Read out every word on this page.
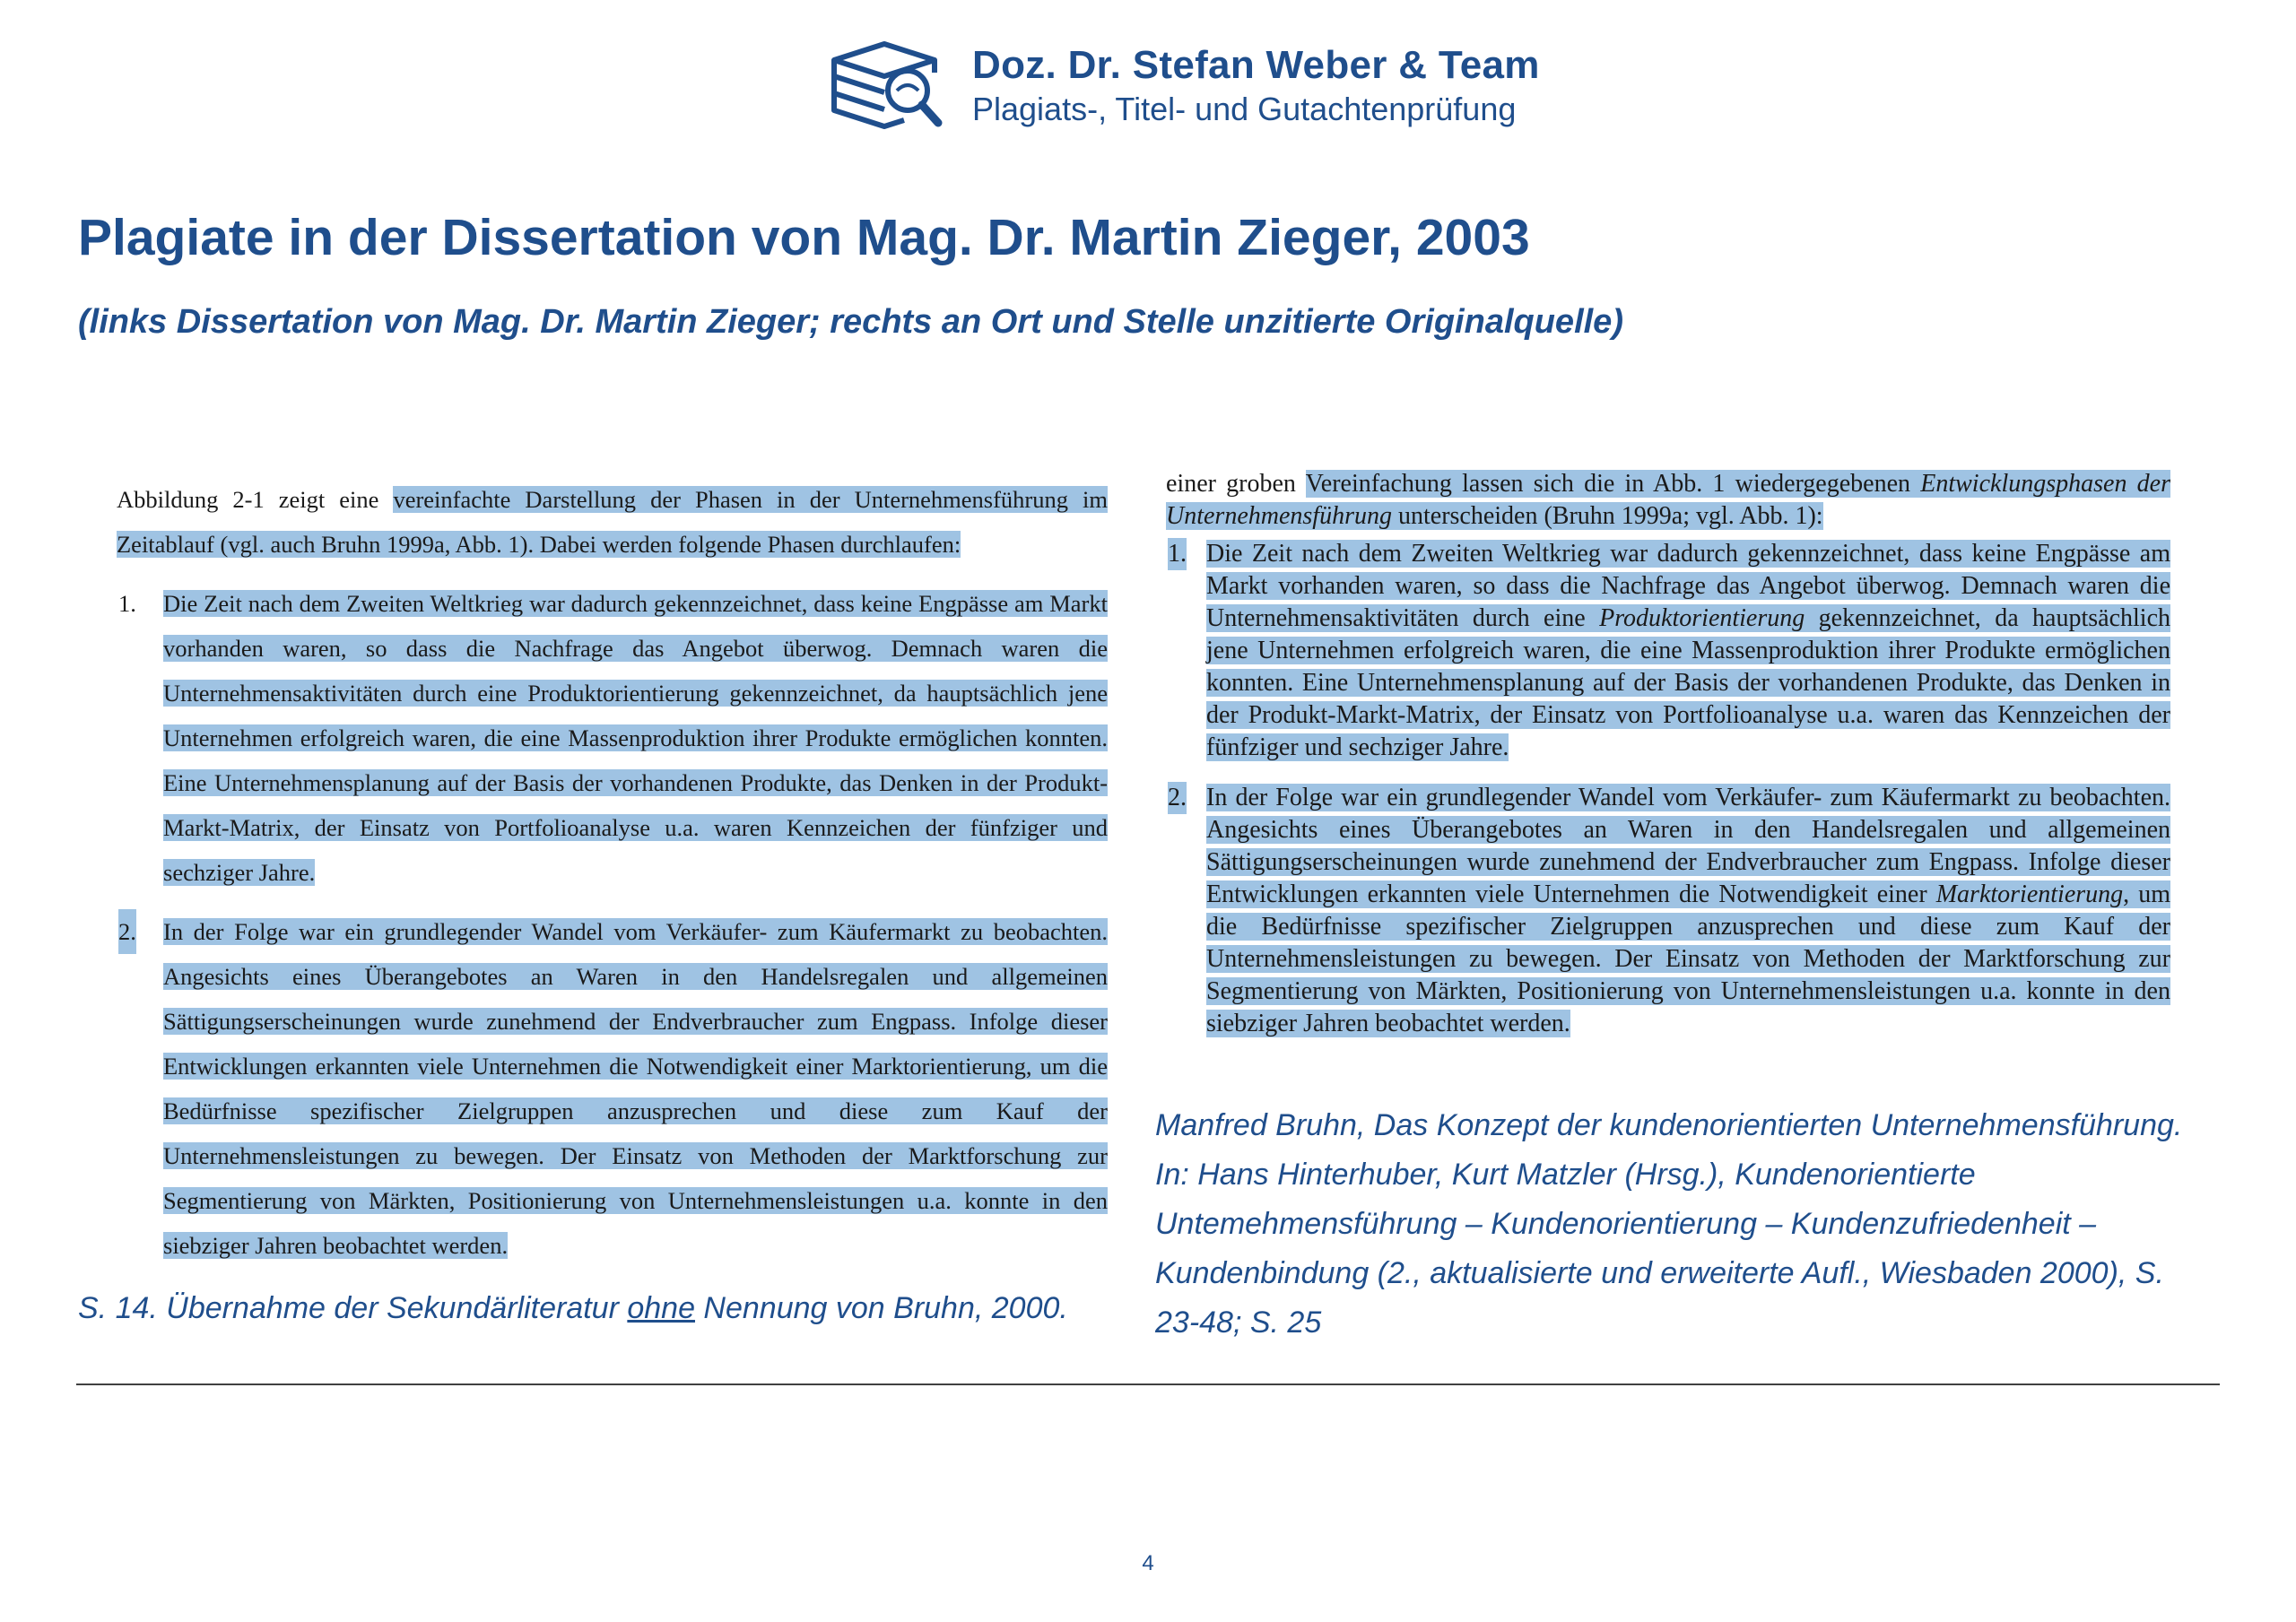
Doz. Dr. Stefan Weber & Team
Plagiats-, Titel- und Gutachtenprüfung
Plagiate in der Dissertation von Mag. Dr. Martin Zieger, 2003
(links Dissertation von Mag. Dr. Martin Zieger; rechts an Ort und Stelle unzitierte Originalquelle)

Abbildung 2-1 zeigt eine vereinfachte Darstellung der Phasen in der Unternehmensführung im Zeitablauf (vgl. auch Bruhn 1999a, Abb. 1). Dabei werden folgende Phasen durchlaufen:

1. Die Zeit nach dem Zweiten Weltkrieg war dadurch gekennzeichnet, dass keine Engpässe am Markt vorhanden waren, so dass die Nachfrage das Angebot überwog. Demnach waren die Unternehmensaktivitäten durch eine Produktorientierung gekennzeichnet, da hauptsächlich jene Unternehmen erfolgreich waren, die eine Massenproduktion ihrer Produkte ermöglichen konnten. Eine Unternehmensplanung auf der Basis der vorhandenen Produkte, das Denken in der Produkt-Markt-Matrix, der Einsatz von Portfolioanalyse u.a. waren Kennzeichen der fünfziger und sechziger Jahre.
2. In der Folge war ein grundlegender Wandel vom Verkäufer- zum Käufermarkt zu beobachten. Angesichts eines Überangebotes an Waren in den Handelsregalen und allgemeinen Sättigungserscheinungen wurde zunehmend der Endverbraucher zum Engpass. Infolge dieser Entwicklungen erkannten viele Unternehmen die Notwendigkeit einer Marktorientierung, um die Bedürfnisse spezifischer Zielgruppen anzusprechen und diese zum Kauf der Unternehmensleistungen zu bewegen. Der Einsatz von Methoden der Marktforschung zur Segmentierung von Märkten, Positionierung von Unternehmensleistungen u.a. konnte in den siebziger Jahren beobachtet werden.

einer groben Vereinfachung lassen sich die in Abb. 1 wiedergegebenen Entwicklungsphasen der Unternehmensführung unterscheiden (Bruhn 1999a; vgl. Abb. 1):

1. Die Zeit nach dem Zweiten Weltkrieg war dadurch gekennzeichnet, dass keine Engpässe am Markt vorhanden waren, so dass die Nachfrage das Angebot überwog. Demnach waren die Unternehmensaktivitäten durch eine Produktorientierung gekennzeichnet, da hauptsächlich jene Unternehmen erfolgreich waren, die eine Massenproduktion ihrer Produkte ermöglichen konnten. Eine Unternehmensplanung auf der Basis der vorhandenen Produkte, das Denken in der Produkt-Markt-Matrix, der Einsatz von Portfolioanalyse u.a. waren das Kennzeichen der fünfziger und sechziger Jahre.
2. In der Folge war ein grundlegender Wandel vom Verkäufer- zum Käufermarkt zu beobachten. Angesichts eines Überangebotes an Waren in den Handelsregalen und allgemeinen Sättigungserscheinungen wurde zunehmend der Endverbraucher zum Engpass. Infolge dieser Entwicklungen erkannten viele Unternehmen die Notwendigkeit einer Marktorientierung, um die Bedürfnisse spezifischer Zielgruppen anzusprechen und diese zum Kauf der Unternehmensleistungen zu bewegen. Der Einsatz von Methoden der Marktforschung zur Segmentierung von Märkten, Positionierung von Unternehmensleistungen u.a. konnte in den siebziger Jahren beobachtet werden.

S. 14. Übernahme der Sekundärliteratur ohne Nennung von Bruhn, 2000.

Manfred Bruhn, Das Konzept der kundenorientierten Unternehmensführung. In: Hans Hinterhuber, Kurt Matzler (Hrsg.), Kundenorientierte Untemehmensführung – Kundenorientierung – Kundenzufriedenheit – Kundenbindung (2., aktualisierte und erweiterte Aufl., Wiesbaden 2000), S. 23-48; S. 25

4
